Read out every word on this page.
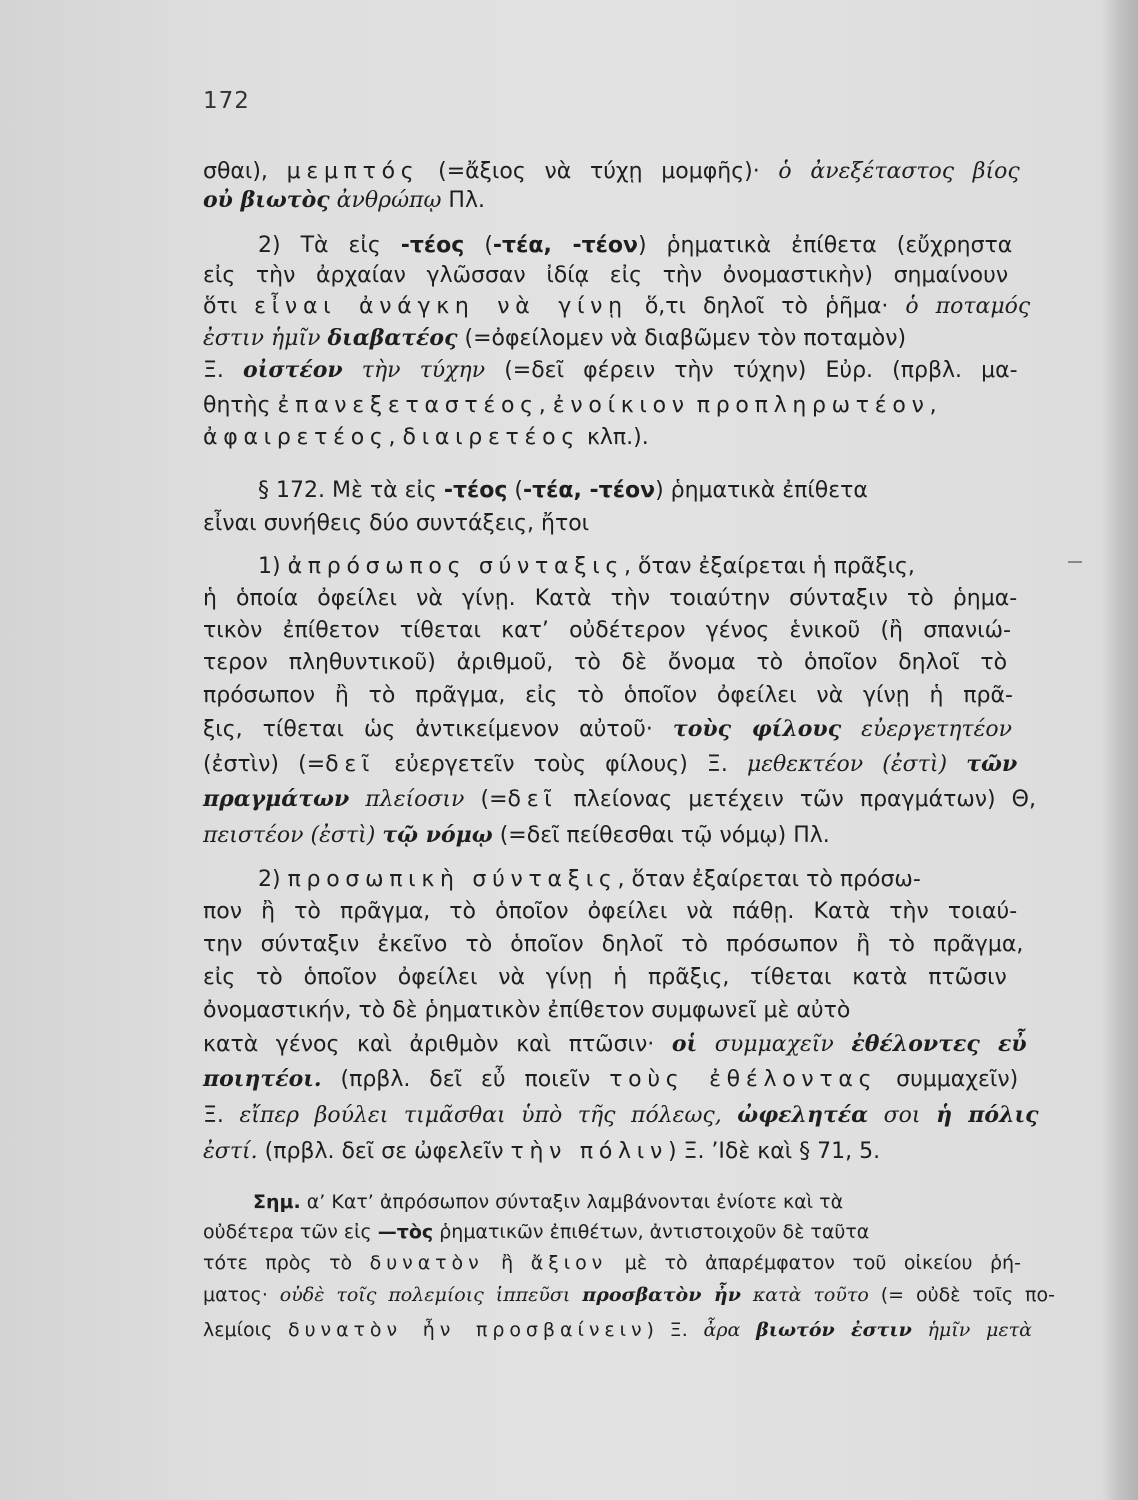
172
σθαι), μεμπτός (=ἄξιος νὰ τύχῃ μομφῆς)· ὁ ἀνεξέταστος βίος
οὐ βιωτὸς ἀνθρώπῳ Πλ.
2) Τὰ εἰς -τέος (-τέα, -τέον) ῥηματικὰ ἐπίθετα (εὔχρηστα
εἰς τὴν ἀρχαίαν γλῶσσαν ἰδίᾳ εἰς τὴν ὀνομαστικὴν) σημαίνουν
ὅτι εἶναι ἀνάγκη νὰ γίνῃ ὅ,τι δηλοῖ τὸ ῥῆμα· ὁ ποταμός
ἐστιν ἡμῖν διαβατέος (=ὀφείλομεν νὰ διαβῶμεν τὸν ποταμὸν)
Ξ. οἰστέον τὴν τύχην (=δεῖ φέρειν τὴν τύχην) Εὐρ. (πρβλ. μα-
θητὴς ἐπανεξεταστέος, ἐνοίκιον προπληρωτέον,
ἀφαιρετέος, διαιρετέος κλπ.).
§ 172. Μὲ τὰ εἰς -τέος (-τέα, -τέον) ῥηματικὰ ἐπίθετα
εἶναι συνήθεις δύο συντάξεις, ἤτοι
1) ἀπρόσωπος σύνταξις, ὅταν ἐξαίρεται ἡ πρᾶξις,
ἡ ὁποία ὀφείλει νὰ γίνῃ. Κατὰ τὴν τοιαύτην σύνταξιν τὸ ῥημα-
τικὸν ἐπίθετον τίθεται κατ’ οὐδέτερον γένος ἑνικοῦ (ἢ σπανιώ-
τερον πληθυντικοῦ) ἀριθμοῦ, τὸ δὲ ὄνομα τὸ ὁποῖον δηλοῖ τὸ
πρόσωπον ἢ τὸ πρᾶγμα, εἰς τὸ ὁποῖον ὀφείλει νὰ γίνῃ ἡ πρᾶ-
ξις, τίθεται ὡς ἀντικείμενον αὐτοῦ· τοὺς φίλους εὐεργετητέον
(ἐστὶν) (=δεῖ εὐεργετεῖν τοὺς φίλους) Ξ. μεθεκτέον (ἐστὶ) τῶν
πραγμάτων πλείοσιν (=δεῖ πλείονας μετέχειν τῶν πραγμάτων) Θ,
πειστέον (ἐστὶ) τῷ νόμῳ (=δεῖ πείθεσθαι τῷ νόμῳ) Πλ.
2) προσωπικὴ σύνταξις, ὅταν ἐξαίρεται τὸ πρόσω-
πον ἢ τὸ πρᾶγμα, τὸ ὁποῖον ὀφείλει νὰ πάθῃ. Κατὰ τὴν τοιαύ-
την σύνταξιν ἐκεῖνο τὸ ὁποῖον δηλοῖ τὸ πρόσωπον ἢ τὸ πρᾶγμα,
εἰς τὸ ὁποῖον ὀφείλει νὰ γίνῃ ἡ πρᾶξις, τίθεται κατὰ πτῶσιν
ὀνομαστικήν, τὸ δὲ ῥηματικὸν ἐπίθετον συμφωνεῖ μὲ αὐτὸ
κατὰ γένος καὶ ἀριθμὸν καὶ πτῶσιν· οἱ συμμαχεῖν ἐθέλοντες εὖ
ποιητέοι. (πρβλ. δεῖ εὖ ποιεῖν τοὺς ἐθέλοντας συμμαχεῖν)
Ξ. εἴπερ βούλει τιμᾶσθαι ὑπὸ τῆς πόλεως, ὠφελητέα σοι ἡ πόλις
ἐστί. (πρβλ. δεῖ σε ὠφελεῖν τὴν πόλιν) Ξ. ’Ιδὲ καὶ § 71, 5.
Σημ. α’ Κατ’ ἀπρόσωπον σύνταξιν λαμβάνονται ἐνίοτε καὶ τὰ
οὐδέτερα τῶν εἰς —τὸς ῥηματικῶν ἐπιθέτων, ἀντιστοιχοῦν δὲ ταῦτα
τότε πρὸς τὸ δυνατὸν ἢ ἄξιον μὲ τὸ ἀπαρέμφατον τοῦ οἰκείου ῥή-
ματος· οὐδὲ τοῖς πολεμίοις ἱππεῦσι προσβατὸν ἦν κατὰ τοῦτο (= οὐδὲ τοῖς πο-
λεμίοις δυνατὸν ἦν προσβαίνειν) Ξ. ἆρα βιωτόν ἐστιν ἡμῖν μετὰ
